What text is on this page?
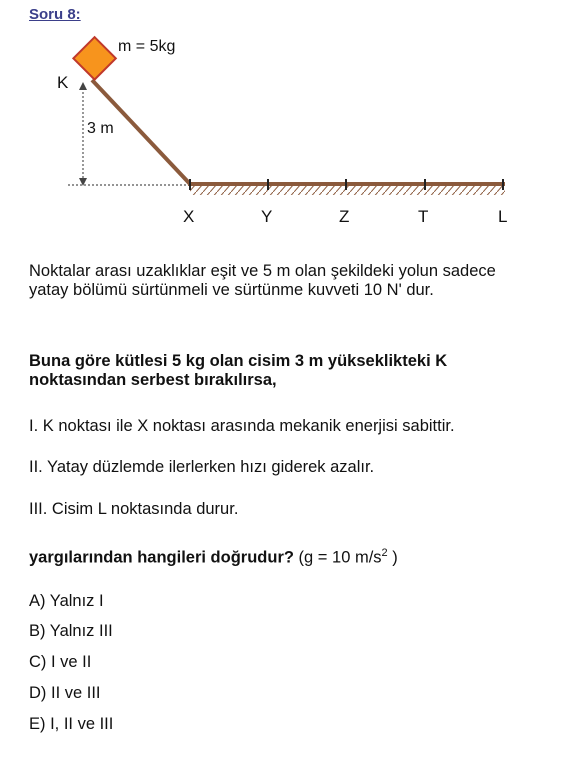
Soru 8:
m = 5kg
K
3 m
X	Y	Z	T	L
Noktalar arası uzaklıklar eşit ve 5 m olan şekildeki yolun sadece yatay bölümü sürtünmeli ve sürtünme kuvveti 10 N' dur.
Buna göre kütlesi 5 kg olan cisim 3 m yükseklikteki K noktasından serbest bırakılırsa,
I. K noktası ile X noktası arasında mekanik enerjisi sabittir.
II. Yatay düzlemde ilerlerken hızı giderek azalır.
III. Cisim L noktasında durur.
yargılarından hangileri doğrudur? (g = 10 $m/s^2$ )
A) Yalnız I
B) Yalnız III
C) I ve II
D) II ve III
E) I, II ve III
